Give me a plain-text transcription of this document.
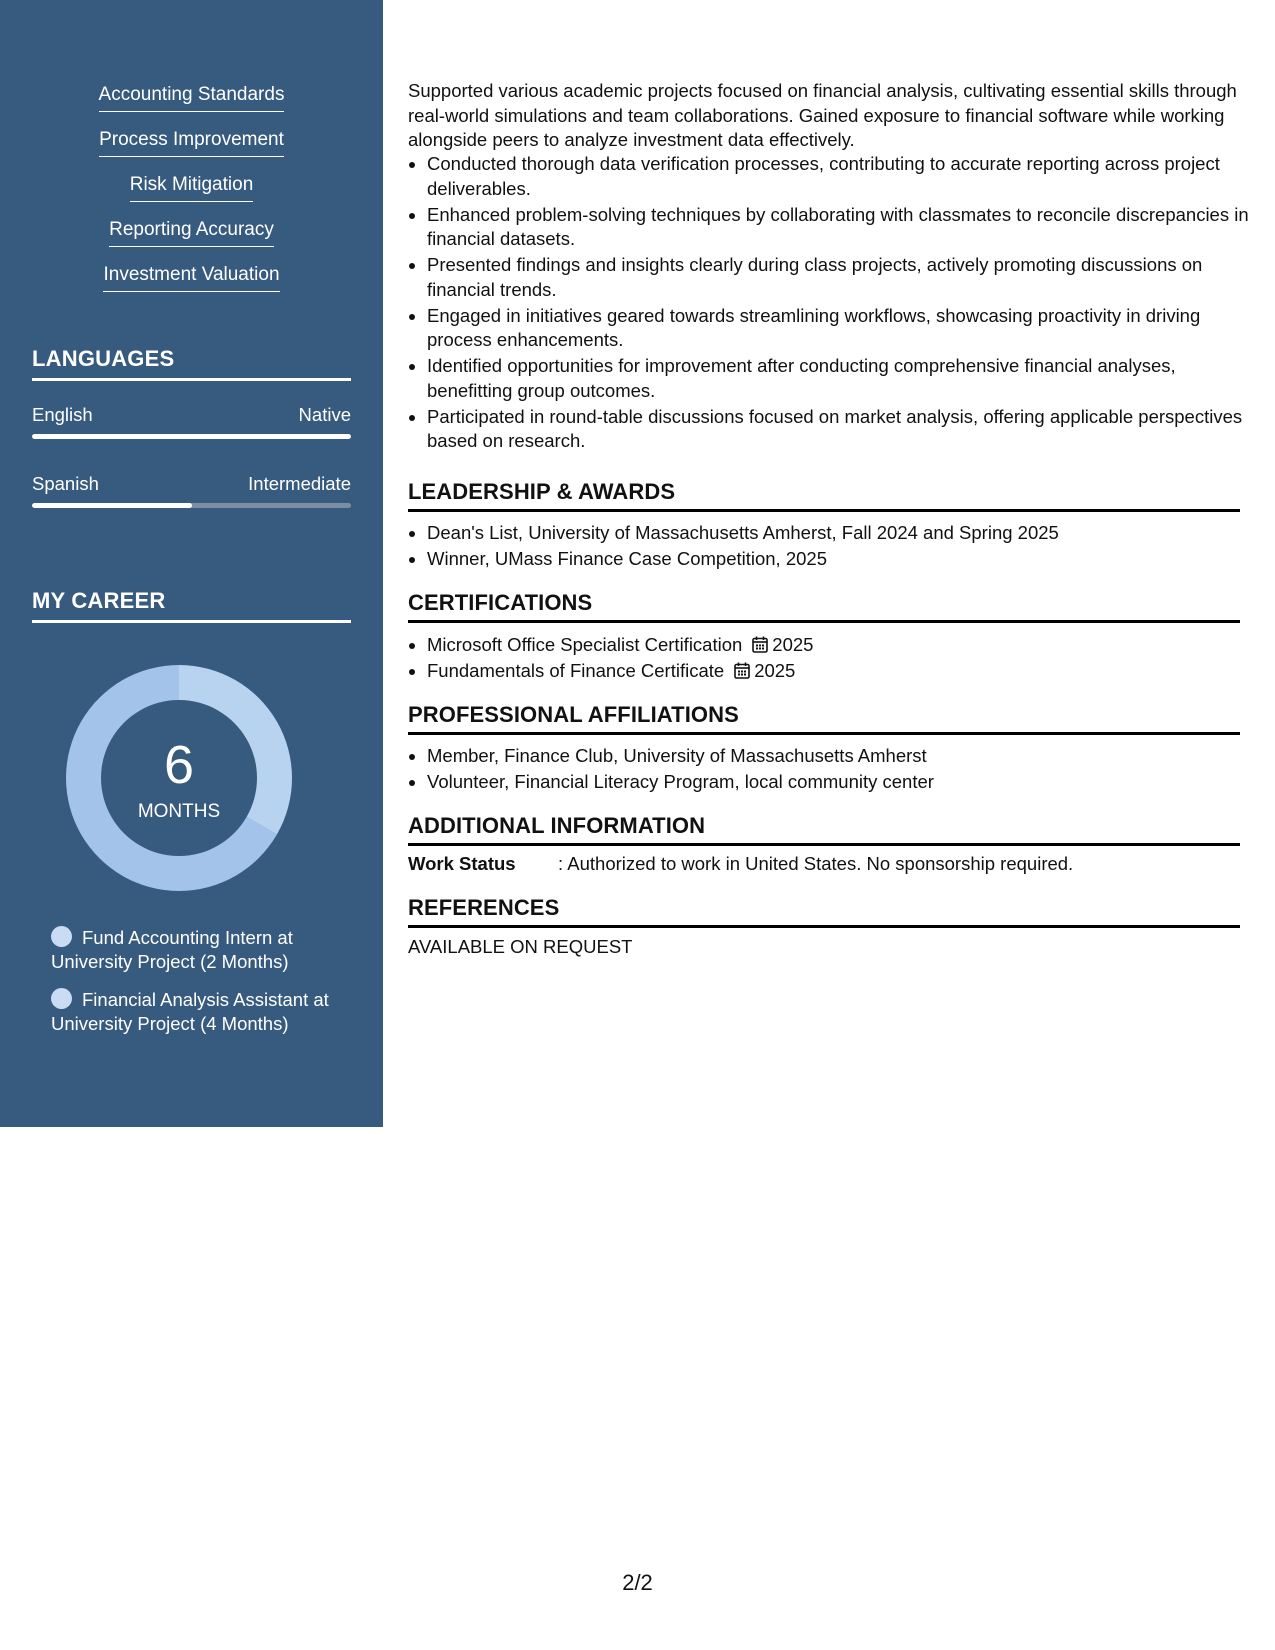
Accounting Standards
Process Improvement
Risk Mitigation
Reporting Accuracy
Investment Valuation
LANGUAGES
English	Native
Spanish	Intermediate
MY CAREER
6
MONTHS
Fund Accounting Intern at University Project (2 Months)
Financial Analysis Assistant at University Project (4 Months)

Supported various academic projects focused on financial analysis, cultivating essential skills through real-world simulations and team collaborations. Gained exposure to financial software while working alongside peers to analyze investment data effectively.

• Conducted thorough data verification processes, contributing to accurate reporting across project deliverables.
• Enhanced problem-solving techniques by collaborating with classmates to reconcile discrepancies in financial datasets.
• Presented findings and insights clearly during class projects, actively promoting discussions on financial trends.
• Engaged in initiatives geared towards streamlining workflows, showcasing proactivity in driving process enhancements.
• Identified opportunities for improvement after conducting comprehensive financial analyses, benefitting group outcomes.
• Participated in round-table discussions focused on market analysis, offering applicable perspectives based on research.
LEADERSHIP & AWARDS
• Dean's List, University of Massachusetts Amherst, Fall 2024 and Spring 2025
• Winner, UMass Finance Case Competition, 2025
CERTIFICATIONS
• Microsoft Office Specialist Certification 2025
• Fundamentals of Finance Certificate 2025
PROFESSIONAL AFFILIATIONS
• Member, Finance Club, University of Massachusetts Amherst
• Volunteer, Financial Literacy Program, local community center
ADDITIONAL INFORMATION
Work Status : Authorized to work in United States. No sponsorship required.
REFERENCES
AVAILABLE ON REQUEST
2/2
